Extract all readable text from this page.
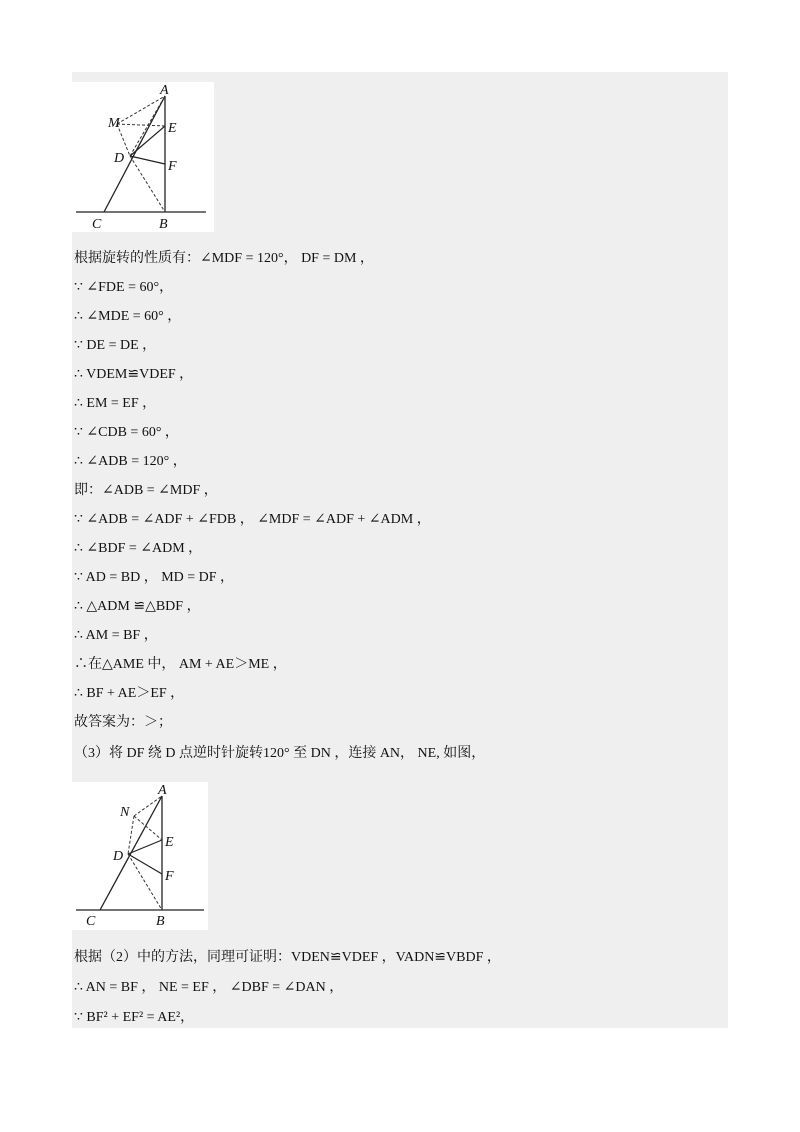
A
M	E
D
F
C	B
根据旋转的性质有：∠MDF = 120°， DF = DM ，
∵ ∠FDE = 60°，
∴ ∠MDE = 60° ，
∵ DE = DE ，
∴ VDEM≌VDEF ，
∴ EM = EF ，
∵ ∠CDB = 60° ，
∴ ∠ADB = 120° ，
即：∠ADB = ∠MDF ，
∵ ∠ADB = ∠ADF + ∠FDB ， ∠MDF = ∠ADF + ∠ADM ，
∴ ∠BDF = ∠ADM ，
∵ AD = BD ， MD = DF ，
∴ △ADM ≌△BDF ，
∴ AM = BF ，
∴在△AME 中， AM + AE＞ME ，
∴ BF + AE＞EF ，
故答案为：＞；
（3）将 DF 绕 D 点逆时针旋转120° 至 DN ，连接 AN， NE, 如图，
A
N
E
D
F
C	B
根据（2）中的方法，同理可证明：VDEN≌VDEF ，VADN≌VBDF ，
∴ AN = BF ， NE = EF ， ∠DBF = ∠DAN ，
∵ BF² + EF² = AE²，
